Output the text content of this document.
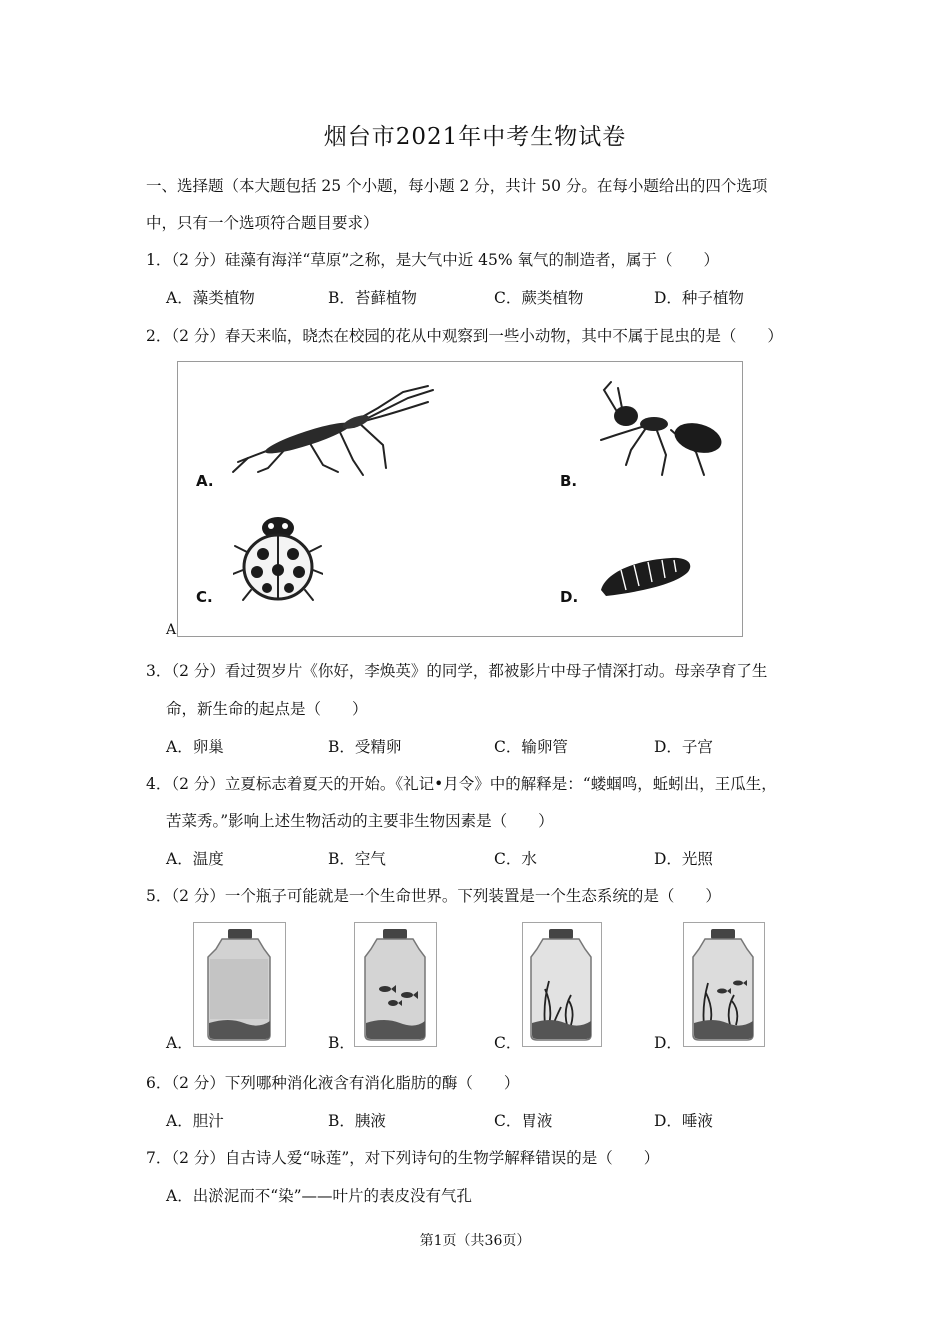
烟台市2021年中考生物试卷
一、选择题（本大题包括 25 个小题，每小题 2 分，共计 50 分。在每小题给出的四个选项
中，只有一个选项符合题目要求）
1．（2 分）硅藻有海洋“草原”之称，是大气中近 45% 氧气的制造者，属于（　　）
A．藻类植物	B．苔藓植物	C．蕨类植物	D．种子植物
2．（2 分）春天来临，晓杰在校园的花从中观察到一些小动物，其中不属于昆虫的是（　　）
A.	B.
C.	D.
A
3．（2 分）看过贺岁片《你好，李焕英》的同学，都被影片中母子情深打动。母亲孕育了生
命，新生命的起点是（　　）
A．卵巢	B．受精卵	C．输卵管	D．子宫
4．（2 分）立夏标志着夏天的开始。《礼记•月令》中的解释是：“蝼蝈鸣，蚯蚓出，王瓜生，
苦菜秀。”影响上述生物活动的主要非生物因素是（　　）
A．温度	B．空气	C．水	D．光照
5．（2 分）一个瓶子可能就是一个生命世界。下列装置是一个生态系统的是（　　）
A．	B．	C．	D．
6．（2 分）下列哪种消化液含有消化脂肪的酶（　　）
A．胆汁	B．胰液	C．胃液	D．唾液
7．（2 分）自古诗人爱“咏莲”，对下列诗句的生物学解释错误的是（　　）
A．出淤泥而不“染”——叶片的表皮没有气孔
第1页（共36页）
